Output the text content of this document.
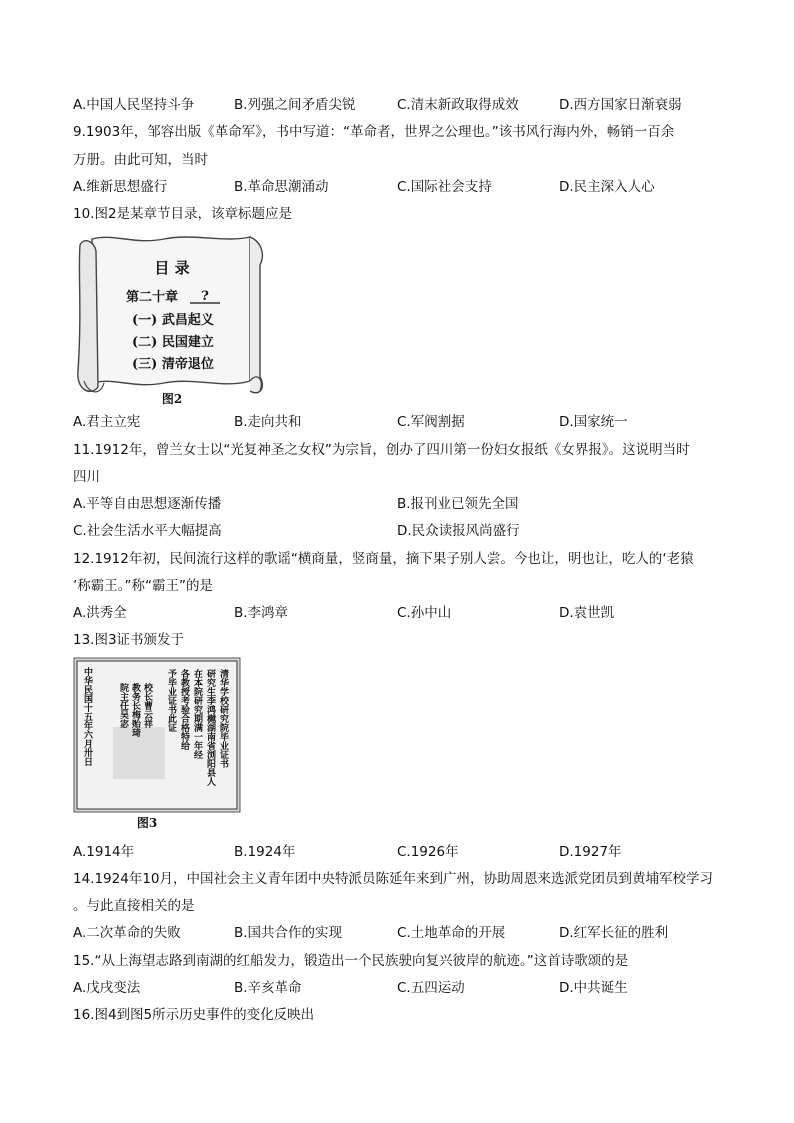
A.中国人民坚持斗争	B.列强之间矛盾尖锐	C.清末新政取得成效	D.西方国家日渐衰弱
9.1903年，邹容出版《革命军》，书中写道：“革命者，世界之公理也。”该书风行海内外，畅销一百余
万册。由此可知，当时
A.维新思想盛行	B.革命思潮涌动	C.国际社会支持	D.民主深入人心
10.图2是某章节目录，该章标题应是
目 录
第二十章 ?
(一) 武昌起义
(二) 民国建立
(三) 清帝退位
图2
A.君主立宪	B.走向共和	C.军阀割据	D.国家统一
11.1912年，曾兰女士以“光复神圣之女权”为宗旨，创办了四川第一份妇女报纸《女界报》。这说明当时
四川
A.平等自由思想逐渐传播	B.报刊业已领先全国
C.社会生活水平大幅提高	D.民众读报风尚盛行
12.1912年初，民间流行这样的歌谣“横商量，竖商量，摘下果子别人尝。今也让，明也让，吃人的‘老猿
’称霸王。”称“霸王”的是
A.洪秀全	B.李鸿章	C.孙中山	D.袁世凯
13.图3证书颁发于
清华学校研究院毕业证书
研究生李鸿樾湖南省浏阳县人
在本院研究期满一年经
各教授考验合格特给
予毕业证书此证
校长曹云祥
教务长梅贻琦
院主任吴宓
中华民国十五年六月卅日
图3
A.1914年	B.1924年	C.1926年	D.1927年
14.1924年10月，中国社会主义青年团中央特派员陈延年来到广州，协助周恩来选派党团员到黄埔军校学习
。与此直接相关的是
A.二次革命的失败	B.国共合作的实现	C.土地革命的开展	D.红军长征的胜利
15.“从上海望志路到南湖的红船发力，锻造出一个民族驶向复兴彼岸的航迹。”这首诗歌颂的是
A.戊戌变法	B.辛亥革命	C.五四运动	D.中共诞生
16.图4到图5所示历史事件的变化反映出
